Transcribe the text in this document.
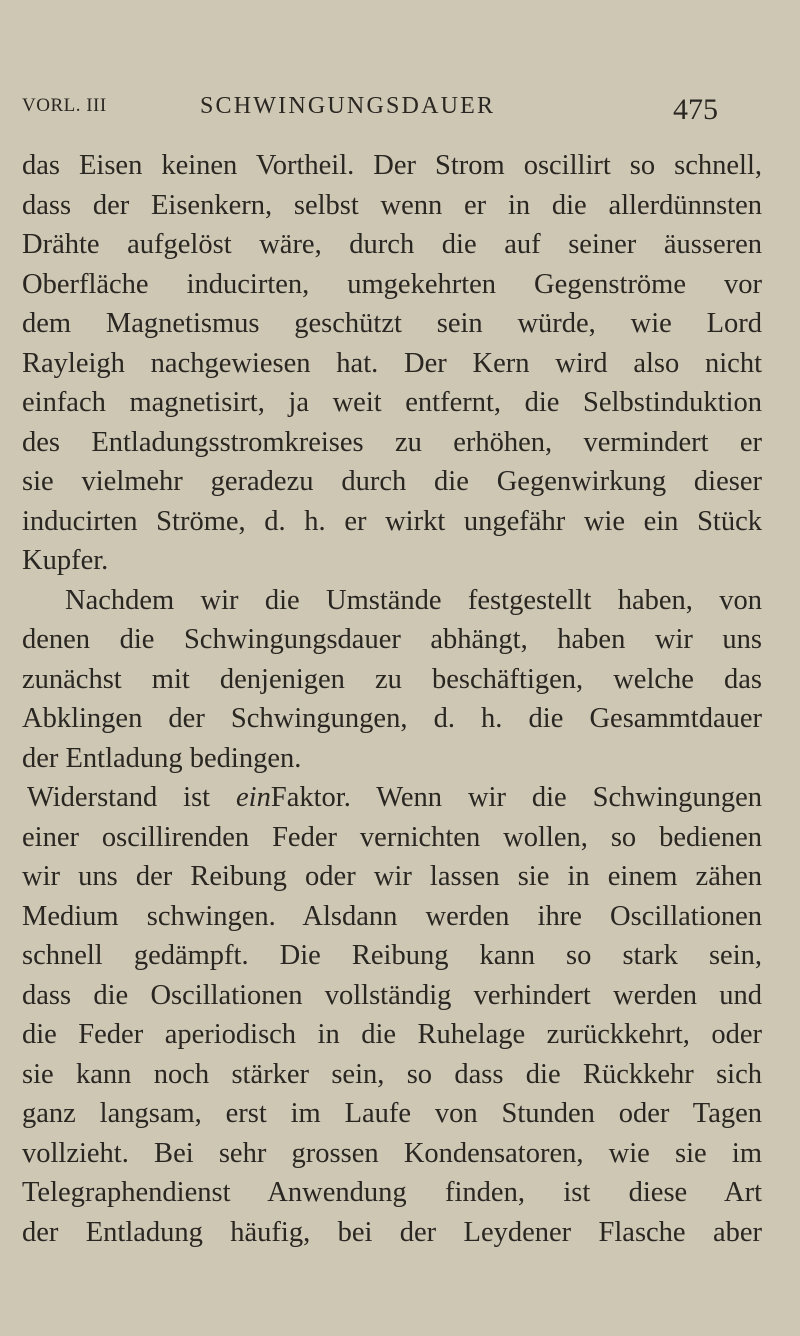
VORL. III	SCHWINGUNGSDAUER	475
das Eisen keinen Vortheil. Der Strom oscillirt so schnell,
dass der Eisenkern, selbst wenn er in die allerdünnsten
Drähte aufgelöst wäre, durch die auf seiner äusseren
Oberfläche inducirten, umgekehrten Gegenströme vor
dem Magnetismus geschützt sein würde, wie Lord
Rayleigh nachgewiesen hat. Der Kern wird also nicht
einfach magnetisirt, ja weit entfernt, die Selbstinduktion
des Entladungsstromkreises zu erhöhen, vermindert er
sie vielmehr geradezu durch die Gegenwirkung dieser
inducirten Ströme, d. h. er wirkt ungefähr wie ein Stück
Kupfer.
Nachdem wir die Umstände festgestellt haben, von
denen die Schwingungsdauer abhängt, haben wir uns
zunächst mit denjenigen zu beschäftigen, welche das
Abklingen der Schwingungen, d. h. die Gesammtdauer
der Entladung bedingen.
Widerstand ist einFaktor. Wenn wir die Schwingungen
einer oscillirenden Feder vernichten wollen, so bedienen
wir uns der Reibung oder wir lassen sie in einem zähen
Medium schwingen. Alsdann werden ihre Oscillationen
schnell gedämpft. Die Reibung kann so stark sein,
dass die Oscillationen vollständig verhindert werden und
die Feder aperiodisch in die Ruhelage zurückkehrt, oder
sie kann noch stärker sein, so dass die Rückkehr sich
ganz langsam, erst im Laufe von Stunden oder Tagen
vollzieht. Bei sehr grossen Kondensatoren, wie sie im
Telegraphendienst Anwendung finden, ist diese Art
der Entladung häufig, bei der Leydener Flasche aber
